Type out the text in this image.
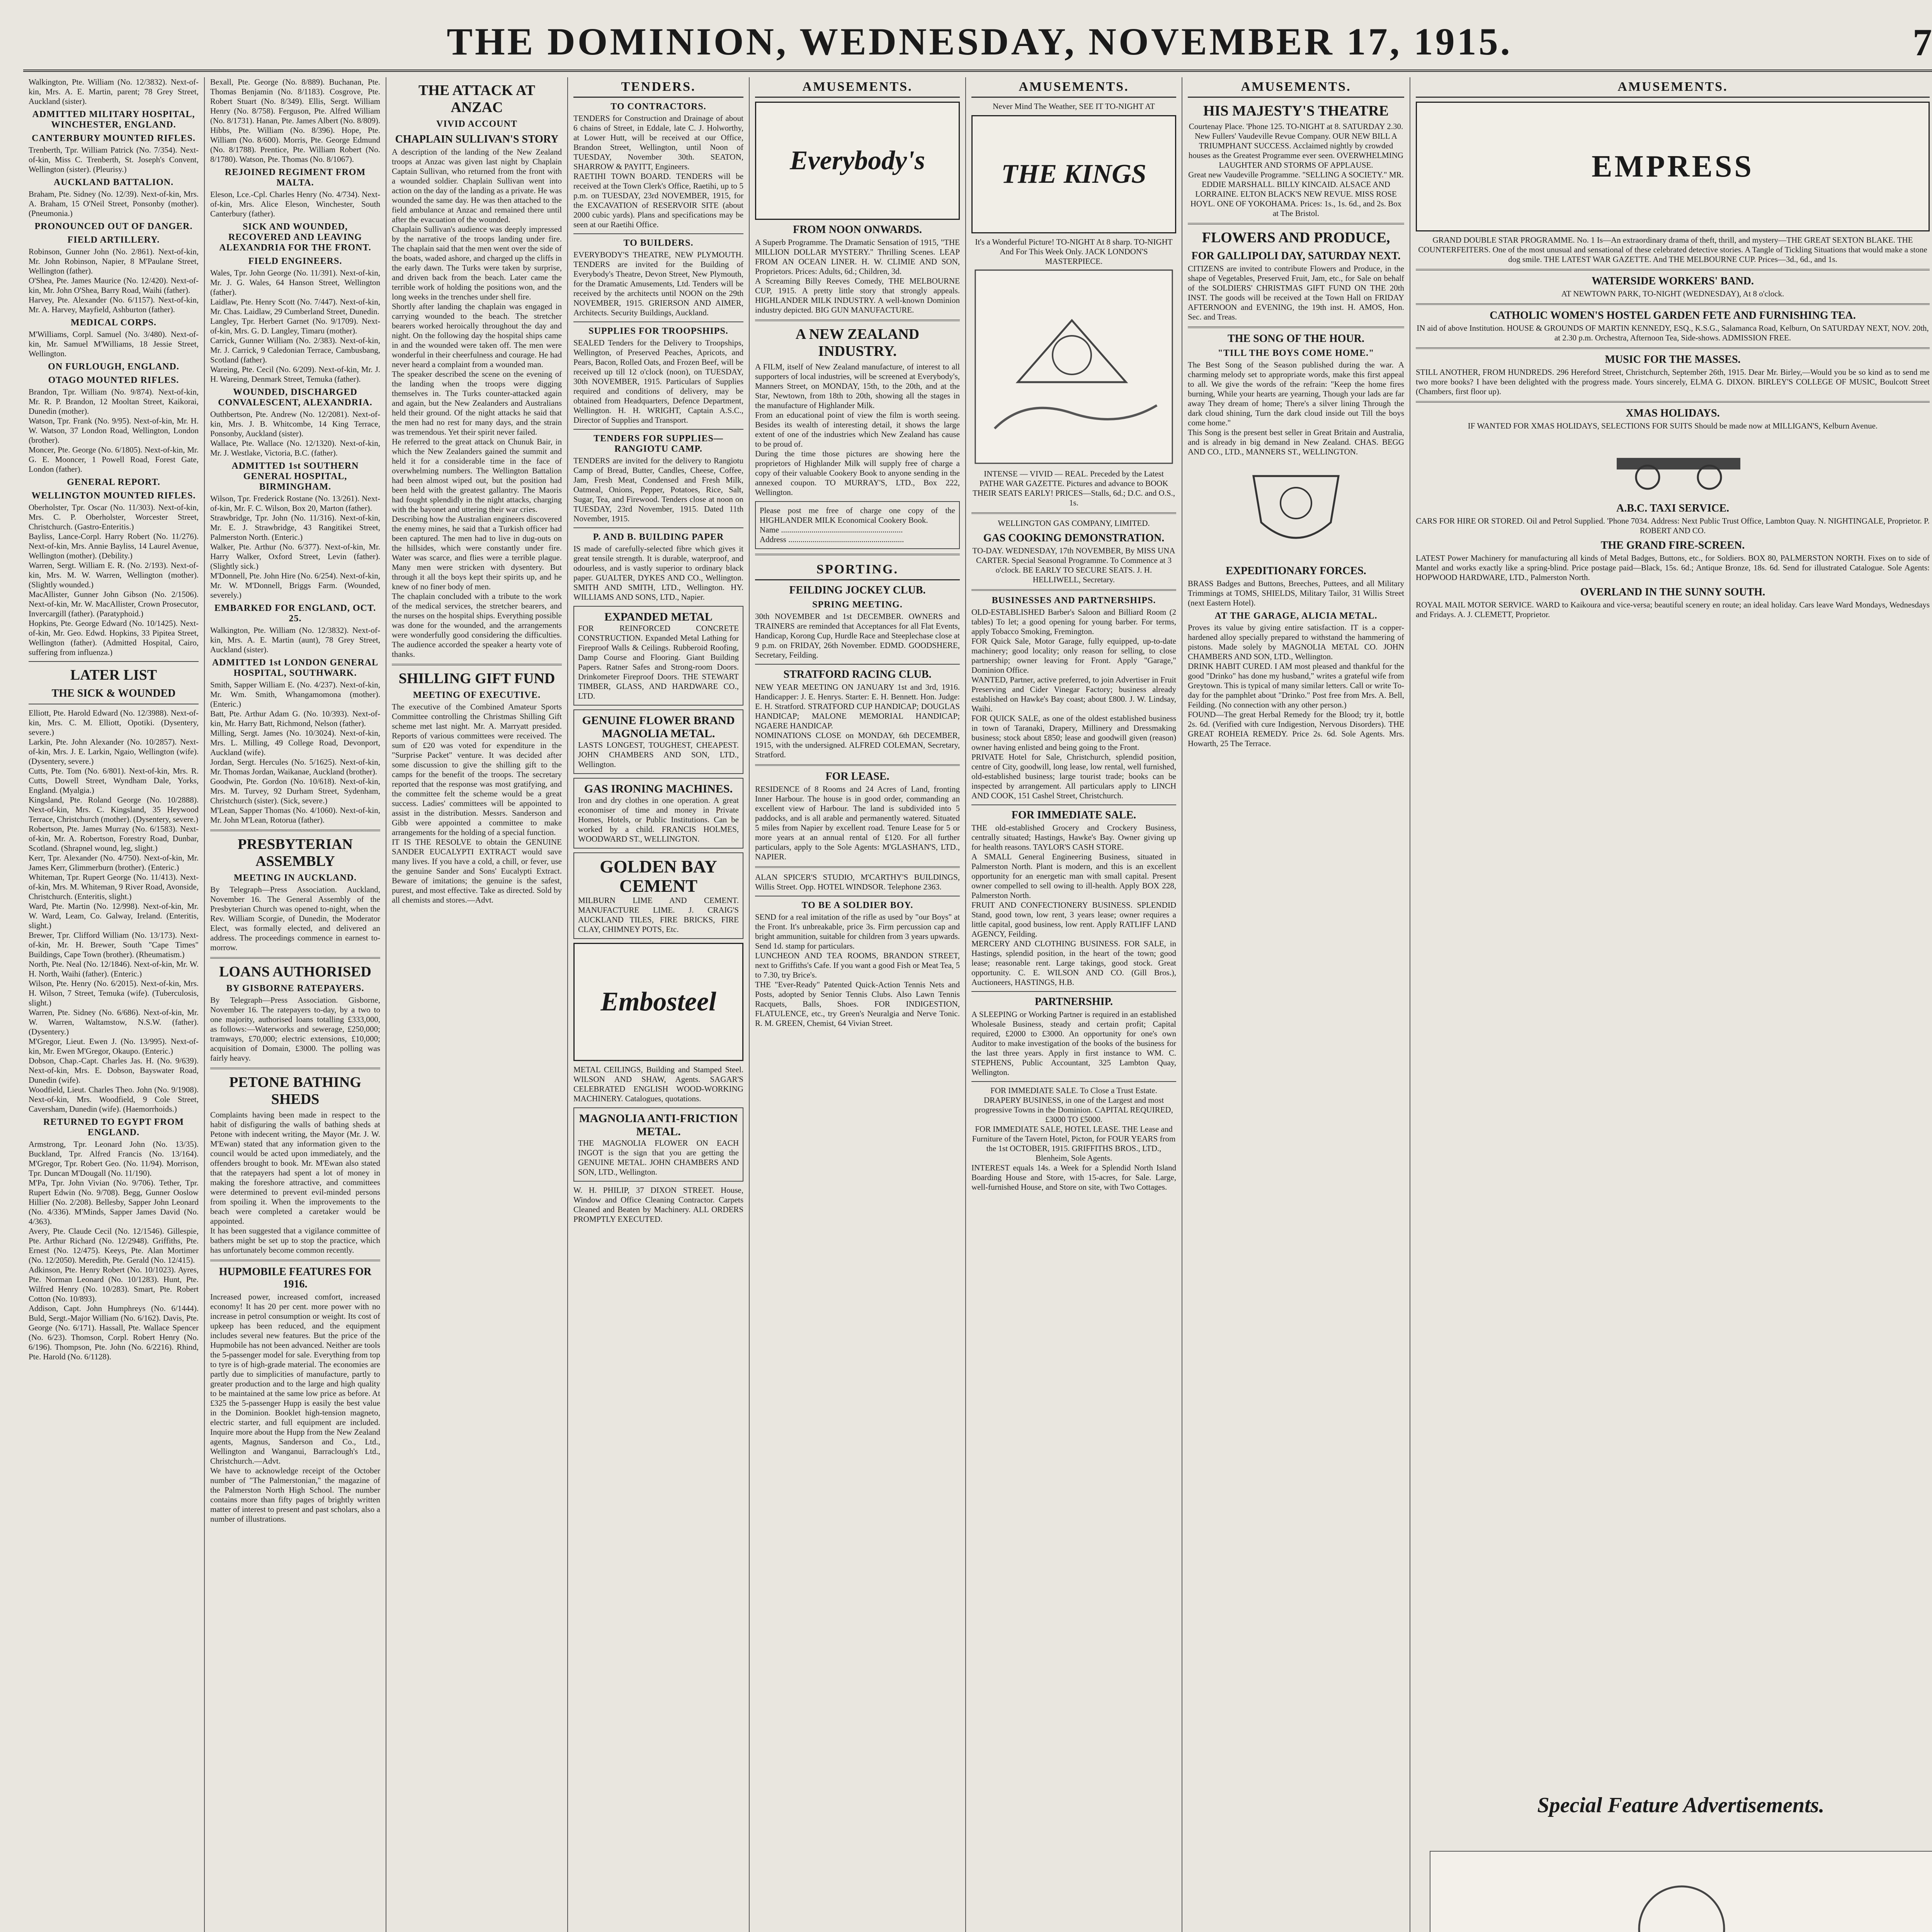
THE DOMINION, WEDNESDAY, NOVEMBER 17, 1915.	7

Walkington, Pte. William (No. 12/3832). Next-of-kin, Mrs. A. E. Martin, parent; 78 Grey Street, Auckland (sister).

ADMITTED MILITARY HOSPITAL, WINCHESTER, ENGLAND.
CANTERBURY MOUNTED RIFLES.

Trenberth, Tpr. William Patrick (No. 7/354). Next-of-kin, Miss C. Trenberth, St. Joseph's Convent, Wellington (sister). (Pleurisy.)

AUCKLAND BATTALION.

Braham, Pte. Sidney (No. 12/39). Next-of-kin, Mrs. A. Braham, 15 O'Neil Street, Ponsonby (mother). (Pneumonia.)

PRONOUNCED OUT OF DANGER.
FIELD ARTILLERY.

Robinson, Gunner John (No. 2/861). Next-of-kin, Mr. John Robinson, Napier, 8 M'Paulane Street, Wellington (father).

O'Shea, Pte. James Maurice (No. 12/420). Next-of-kin, Mr. John O'Shea, Barry Road, Waihi (father).

Harvey, Pte. Alexander (No. 6/1157). Next-of-kin, Mr. A. Harvey, Mayfield, Ashburton (father).

MEDICAL CORPS.

M'Williams, Corpl. Samuel (No. 3/480). Next-of-kin, Mr. Samuel M'Williams, 18 Jessie Street, Wellington.

ON FURLOUGH, ENGLAND.
OTAGO MOUNTED RIFLES.

Brandon, Tpr. William (No. 9/874). Next-of-kin, Mr. R. P. Brandon, 12 Mooltan Street, Kaikorai, Dunedin (mother).

Watson, Tpr. Frank (No. 9/95). Next-of-kin, Mr. H. W. Watson, 37 London Road, Wellington, London (brother).

Moncer, Pte. George (No. 6/1805). Next-of-kin, Mr. G. E. Mooncer, 1 Powell Road, Forest Gate, London (father).

GENERAL REPORT.
WELLINGTON MOUNTED RIFLES.

Oberholster, Tpr. Oscar (No. 11/303). Next-of-kin, Mrs. C. P. Oberholster, Worcester Street, Christchurch. (Gastro-Enteritis.)

Bayliss, Lance-Corpl. Harry Robert (No. 11/276). Next-of-kin, Mrs. Annie Bayliss, 14 Laurel Avenue, Wellington (mother). (Debility.)

Warren, Sergt. William E. R. (No. 2/193). Next-of-kin, Mrs. M. W. Warren, Wellington (mother). (Slightly wounded.)

MacAllister, Gunner John Gibson (No. 2/1506). Next-of-kin, Mr. W. MacAllister, Crown Prosecutor, Invercargill (father). (Paratyphoid.)

Hopkins, Pte. George Edward (No. 10/1425). Next-of-kin, Mr. Geo. Edwd. Hopkins, 33 Pipitea Street, Wellington (father). (Admitted Hospital, Cairo, suffering from influenza.)

LATER LIST
THE SICK & WOUNDED

Elliott, Pte. Harold Edward (No. 12/3988). Next-of-kin, Mrs. C. M. Elliott, Opotiki. (Dysentery, severe.)

Larkin, Pte. John Alexander (No. 10/2857). Next-of-kin, Mrs. J. E. Larkin, Ngaio, Wellington (wife). (Dysentery, severe.)

Cutts, Pte. Tom (No. 6/801). Next-of-kin, Mrs. R. Cutts, Dowell Street, Wyndham Dale, Yorks, England. (Myalgia.)

Kingsland, Pte. Roland George (No. 10/2888). Next-of-kin, Mrs. C. Kingsland, 35 Heywood Terrace, Christchurch (mother). (Dysentery, severe.)

Robertson, Pte. James Murray (No. 6/1583). Next-of-kin, Mr. A. Robertson, Forestry Road, Dunbar, Scotland. (Shrapnel wound, leg, slight.)

Kerr, Tpr. Alexander (No. 4/750). Next-of-kin, Mr. James Kerr, Glimmerburn (brother). (Enteric.)

Whiteman, Tpr. Rupert George (No. 11/413). Next-of-kin, Mrs. M. Whiteman, 9 River Road, Avonside, Christchurch. (Enteritis, slight.)

Ward, Pte. Martin (No. 12/998). Next-of-kin, Mr. W. Ward, Leam, Co. Galway, Ireland. (Enteritis, slight.)

Brewer, Tpr. Clifford William (No. 13/173). Next-of-kin, Mr. H. Brewer, South "Cape Times" Buildings, Cape Town (brother). (Rheumatism.)

North, Pte. Neal (No. 12/1846). Next-of-kin, Mr. W. H. North, Waihi (father). (Enteric.)

Wilson, Pte. Henry (No. 6/2015). Next-of-kin, Mrs. H. Wilson, 7 Street, Temuka (wife). (Tuberculosis, slight.)

Warren, Pte. Sidney (No. 6/686). Next-of-kin, Mr. W. Warren, Waltamstow, N.S.W. (father). (Dysentery.)

M'Gregor, Lieut. Ewen J. (No. 13/995). Next-of-kin, Mr. Ewen M'Gregor, Okaupo. (Enteric.)

Dobson, Chap.-Capt. Charles Jas. H. (No. 9/639). Next-of-kin, Mrs. E. Dobson, Bayswater Road, Dunedin (wife).

Woodfield, Lieut. Charles Theo. John (No. 9/1908). Next-of-kin, Mrs. Woodfield, 9 Cole Street, Caversham, Dunedin (wife). (Haemorrhoids.)

RETURNED TO EGYPT FROM ENGLAND.

Armstrong, Tpr. Leonard John (No. 13/35). Buckland, Tpr. Alfred Francis (No. 13/164). M'Gregor, Tpr. Robert Geo. (No. 11/94). Morrison, Tpr. Duncan M'Dougall (No. 11/190).

M'Pa, Tpr. John Vivian (No. 9/706). Tether, Tpr. Rupert Edwin (No. 9/708). Begg, Gunner Ooslow Hillier (No. 2/208). Bellesby, Sapper John Leonard (No. 4/336). M'Minds, Sapper James David (No. 4/363).

Avery, Pte. Claude Cecil (No. 12/1546). Gillespie, Pte. Arthur Richard (No. 12/2948). Griffiths, Pte. Ernest (No. 12/475). Keeys, Pte. Alan Mortimer (No. 12/2050). Meredith, Pte. Gerald (No. 12/415).

Adkinson, Pte. Henry Robert (No. 10/1023). Ayres, Pte. Norman Leonard (No. 10/1283). Hunt, Pte. Wilfred Henry (No. 10/283). Smart, Pte. Robert Cotton (No. 10/893).

Addison, Capt. John Humphreys (No. 6/1444). Buld, Sergt.-Major William (No. 6/162). Davis, Pte. George (No. 6/171). Hassall, Pte. Wallace Spencer (No. 6/23). Thomson, Corpl. Robert Henry (No. 6/196). Thompson, Pte. John (No. 6/2216). Rhind, Pte. Harold (No. 6/1128).

Bexall, Pte. George (No. 8/889). Buchanan, Pte. Thomas Benjamin (No. 8/1183). Cosgrove, Pte. Robert Stuart (No. 8/349). Ellis, Sergt. William Henry (No. 8/758). Ferguson, Pte. Alfred William (No. 8/1731). Hanan, Pte. James Albert (No. 8/809). Hibbs, Pte. William (No. 8/396). Hope, Pte. William (No. 8/600). Morris, Pte. George Edmund (No. 8/1788). Prentice, Pte. William Robert (No. 8/1780). Watson, Pte. Thomas (No. 8/1067).

REJOINED REGIMENT FROM MALTA.

Eleson, Lce.-Cpl. Charles Henry (No. 4/734). Next-of-kin, Mrs. Alice Eleson, Winchester, South Canterbury (father).

SICK AND WOUNDED, RECOVERED AND LEAVING ALEXANDRIA FOR THE FRONT.
FIELD ENGINEERS.

Wales, Tpr. John George (No. 11/391). Next-of-kin, Mr. J. G. Wales, 64 Hanson Street, Wellington (father).

Laidlaw, Pte. Henry Scott (No. 7/447). Next-of-kin, Mr. Chas. Laidlaw, 29 Cumberland Street, Dunedin.

Langley, Tpr. Herbert Garnet (No. 9/1709). Next-of-kin, Mrs. G. D. Langley, Timaru (mother).

Carrick, Gunner William (No. 2/383). Next-of-kin, Mr. J. Carrick, 9 Caledonian Terrace, Cambusbang, Scotland (father).

Wareing, Pte. Cecil (No. 6/209). Next-of-kin, Mr. J. H. Wareing, Denmark Street, Temuka (father).

WOUNDED, DISCHARGED CONVALESCENT, ALEXANDRIA.

Outhbertson, Pte. Andrew (No. 12/2081). Next-of-kin, Mrs. J. B. Whitcombe, 14 King Terrace, Ponsonby, Auckland (sister).

Wallace, Pte. Wallace (No. 12/1320). Next-of-kin, Mr. J. Westlake, Victoria, B.C. (father).

ADMITTED 1st SOUTHERN GENERAL HOSPITAL, BIRMINGHAM.

Wilson, Tpr. Frederick Rostane (No. 13/261). Next-of-kin, Mr. F. C. Wilson, Box 20, Marton (father).

Strawbridge, Tpr. John (No. 11/316). Next-of-kin, Mr. E. J. Strawbridge, 43 Rangitikei Street, Palmerston North. (Enteric.)

Walker, Pte. Arthur (No. 6/377). Next-of-kin, Mr. Harry Walker, Oxford Street, Levin (father). (Slightly sick.)

M'Donnell, Pte. John Hire (No. 6/254). Next-of-kin, Mr. W. M'Donnell, Briggs Farm. (Wounded, severely.)

EMBARKED FOR ENGLAND, OCT. 25.

Walkington, Pte. William (No. 12/3832). Next-of-kin, Mrs. A. E. Martin (aunt), 78 Grey Street, Auckland (sister).

ADMITTED 1st LONDON GENERAL HOSPITAL, SOUTHWARK.

Smith, Sapper William E. (No. 4/237). Next-of-kin, Mr. Wm. Smith, Whangamomona (mother). (Enteric.)

Batt, Pte. Arthur Adam G. (No. 10/393). Next-of-kin, Mr. Harry Batt, Richmond, Nelson (father).

Milling, Sergt. James (No. 10/3024). Next-of-kin, Mrs. L. Milling, 49 College Road, Devonport, Auckland (wife).

Jordan, Sergt. Hercules (No. 5/1625). Next-of-kin, Mr. Thomas Jordan, Waikanae, Auckland (brother).

Goodwin, Pte. Gordon (No. 10/618). Next-of-kin, Mrs. M. Turvey, 92 Durham Street, Sydenham, Christchurch (sister). (Sick, severe.)

M'Lean, Sapper Thomas (No. 4/1060). Next-of-kin, Mr. John M'Lean, Rotorua (father).

PRESBYTERIAN ASSEMBLY
MEETING IN AUCKLAND.

By Telegraph—Press Association. Auckland, November 16. The General Assembly of the Presbyterian Church was opened to-night, when the Rev. William Scorgie, of Dunedin, the Moderator Elect, was formally elected, and delivered an address. The proceedings commence in earnest to-morrow.

LOANS AUTHORISED
BY GISBORNE RATEPAYERS.

By Telegraph—Press Association. Gisborne, November 16. The ratepayers to-day, by a two to one majority, authorised loans totalling £333,000, as follows:—Waterworks and sewerage, £250,000; tramways, £70,000; electric extensions, £10,000; acquisition of Domain, £3000. The polling was fairly heavy.

PETONE BATHING SHEDS

Complaints having been made in respect to the habit of disfiguring the walls of bathing sheds at Petone with indecent writing, the Mayor (Mr. J. W. M'Ewan) stated that any information given to the council would be acted upon immediately, and the offenders brought to book. Mr. M'Ewan also stated that the ratepayers had spent a lot of money in making the foreshore attractive, and committees were determined to prevent evil-minded persons from spoiling it. When the improvements to the beach were completed a caretaker would be appointed.

It has been suggested that a vigilance committee of bathers might be set up to stop the practice, which has unfortunately become common recently.

HUPMOBILE FEATURES FOR 1916.

Increased power, increased comfort, increased economy! It has 20 per cent. more power with no increase in petrol consumption or weight. Its cost of upkeep has been reduced, and the equipment includes several new features. But the price of the Hupmobile has not been advanced. Neither are tools the 5-passenger model for sale. Everything from top to tyre is of high-grade material. The economies are partly due to simplicities of manufacture, partly to greater production and to the large and high quality to be maintained at the same low price as before. At £325 the 5-passenger Hupp is easily the best value in the Dominion. Booklet high-tension magneto, electric starter, and full equipment are included. Inquire more about the Hupp from the New Zealand agents, Magnus, Sanderson and Co., Ltd., Wellington and Wanganui, Barraclough's Ltd., Christchurch.—Advt.

We have to acknowledge receipt of the October number of "The Palmerstonian," the magazine of the Palmerston North High School. The number contains more than fifty pages of brightly written matter of interest to present and past scholars, also a number of illustrations.

THE ATTACK AT ANZAC
VIVID ACCOUNT
CHAPLAIN SULLIVAN'S STORY

A description of the landing of the New Zealand troops at Anzac was given last night by Chaplain Captain Sullivan, who returned from the front with a wounded soldier. Chaplain Sullivan went into action on the day of the landing as a private. He was wounded the same day. He was then attached to the field ambulance at Anzac and remained there until after the evacuation of the wounded.

Chaplain Sullivan's audience was deeply impressed by the narrative of the troops landing under fire. The chaplain said that the men went over the side of the boats, waded ashore, and charged up the cliffs in the early dawn. The Turks were taken by surprise, and driven back from the beach. Later came the terrible work of holding the positions won, and the long weeks in the trenches under shell fire.

Shortly after landing the chaplain was engaged in carrying wounded to the beach. The stretcher bearers worked heroically throughout the day and night. On the following day the hospital ships came in and the wounded were taken off. The men were wonderful in their cheerfulness and courage. He had never heard a complaint from a wounded man.

The speaker described the scene on the evening of the landing when the troops were digging themselves in. The Turks counter-attacked again and again, but the New Zealanders and Australians held their ground. Of the night attacks he said that the men had no rest for many days, and the strain was tremendous. Yet their spirit never failed.

He referred to the great attack on Chunuk Bair, in which the New Zealanders gained the summit and held it for a considerable time in the face of overwhelming numbers. The Wellington Battalion had been almost wiped out, but the position had been held with the greatest gallantry. The Maoris had fought splendidly in the night attacks, charging with the bayonet and uttering their war cries.

Describing how the Australian engineers discovered the enemy mines, he said that a Turkish officer had been captured. The men had to live in dug-outs on the hillsides, which were constantly under fire. Water was scarce, and flies were a terrible plague. Many men were stricken with dysentery. But through it all the boys kept their spirits up, and he knew of no finer body of men.

The chaplain concluded with a tribute to the work of the medical services, the stretcher bearers, and the nurses on the hospital ships. Everything possible was done for the wounded, and the arrangements were wonderfully good considering the difficulties. The audience accorded the speaker a hearty vote of thanks.

SHILLING GIFT FUND
MEETING OF EXECUTIVE.

The executive of the Combined Amateur Sports Committee controlling the Christmas Shilling Gift scheme met last night. Mr. A. Marryatt presided. Reports of various committees were received. The sum of £20 was voted for expenditure in the "Surprise Packet" venture. It was decided after some discussion to give the shilling gift to the camps for the benefit of the troops. The secretary reported that the response was most gratifying, and the committee felt the scheme would be a great success. Ladies' committees will be appointed to assist in the distribution. Messrs. Sanderson and Gibb were appointed a committee to make arrangements for the holding of a special function.

IT IS THE RESOLVE to obtain the GENUINE SANDER EUCALYPTI EXTRACT would save many lives. If you have a cold, a chill, or fever, use the genuine Sander and Sons' Eucalypti Extract. Beware of imitations; the genuine is the safest, purest, and most effective. Take as directed. Sold by all chemists and stores.—Advt.

TENDERS.
TO CONTRACTORS.

TENDERS for Construction and Drainage of about 6 chains of Street, in Eddale, late C. J. Holworthy, at Lower Hutt, will be received at our Office, Brandon Street, Wellington, until Noon of TUESDAY, November 30th. SEATON, SHARROW & PAYITT, Engineers.

RAETIHI TOWN BOARD. TENDERS will be received at the Town Clerk's Office, Raetihi, up to 5 p.m. on TUESDAY, 23rd NOVEMBER, 1915, for the EXCAVATION of RESERVOIR SITE (about 2000 cubic yards). Plans and specifications may be seen at our Raetihi Office.

TO BUILDERS.

EVERYBODY'S THEATRE, NEW PLYMOUTH. TENDERS are invited for the Building of Everybody's Theatre, Devon Street, New Plymouth, for the Dramatic Amusements, Ltd. Tenders will be received by the architects until NOON on the 29th NOVEMBER, 1915. GRIERSON AND AIMER, Architects. Security Buildings, Auckland.

SUPPLIES FOR TROOPSHIPS.

SEALED Tenders for the Delivery to Troopships, Wellington, of Preserved Peaches, Apricots, and Pears, Bacon, Rolled Oats, and Frozen Beef, will be received up till 12 o'clock (noon), on TUESDAY, 30th NOVEMBER, 1915. Particulars of Supplies required and conditions of delivery, may be obtained from Headquarters, Defence Department, Wellington. H. H. WRIGHT, Captain A.S.C., Director of Supplies and Transport.

TENDERS FOR SUPPLIES—RANGIOTU CAMP.

TENDERS are invited for the delivery to Rangiotu Camp of Bread, Butter, Candles, Cheese, Coffee, Jam, Fresh Meat, Condensed and Fresh Milk, Oatmeal, Onions, Pepper, Potatoes, Rice, Salt, Sugar, Tea, and Firewood. Tenders close at noon on TUESDAY, 23rd November, 1915. Dated 11th November, 1915.

P. AND B. BUILDING PAPER

IS made of carefully-selected fibre which gives it great tensile strength. It is durable, waterproof, and odourless, and is vastly superior to ordinary black paper. GUALTER, DYKES AND CO., Wellington. SMITH AND SMITH, LTD., Wellington. HY. WILLIAMS AND SONS, LTD., Napier.

EXPANDED METAL

FOR REINFORCED CONCRETE CONSTRUCTION. Expanded Metal Lathing for Fireproof Walls & Ceilings. Rubberoid Roofing, Damp Course and Flooring. Giant Building Papers. Ratner Safes and Strong-room Doors. Drinkometer Fireproof Doors. THE STEWART TIMBER, GLASS, AND HARDWARE CO., LTD.

GENUINE FLOWER BRAND MAGNOLIA METAL.

LASTS LONGEST, TOUGHEST, CHEAPEST. JOHN CHAMBERS AND SON, LTD., Wellington.

GAS IRONING MACHINES.

Iron and dry clothes in one operation. A great economiser of time and money in Private Homes, Hotels, or Public Institutions. Can be worked by a child. FRANCIS HOLMES, WOODWARD ST., WELLINGTON.

GOLDEN BAY CEMENT

MILBURN LIME AND CEMENT. MANUFACTURE LIME. J. CRAIG'S AUCKLAND TILES, FIRE BRICKS, FIRE CLAY, CHIMNEY POTS, Etc.

Embosteel

METAL CEILINGS, Building and Stamped Steel. WILSON AND SHAW, Agents. SAGAR'S CELEBRATED ENGLISH WOOD-WORKING MACHINERY. Catalogues, quotations.

MAGNOLIA ANTI-FRICTION METAL.

THE MAGNOLIA FLOWER ON EACH INGOT is the sign that you are getting the GENUINE METAL. JOHN CHAMBERS AND SON, LTD., Wellington.

W. H. PHILIP, 37 DIXON STREET. House, Window and Office Cleaning Contractor. Carpets Cleaned and Beaten by Machinery. ALL ORDERS PROMPTLY EXECUTED.

AMUSEMENTS.
Everybody's
FROM NOON ONWARDS.

A Superb Programme. The Dramatic Sensation of 1915, "THE MILLION DOLLAR MYSTERY." Thrilling Scenes. LEAP FROM AN OCEAN LINER. H. W. CLIMIE AND SON, Proprietors. Prices: Adults, 6d.; Children, 3d.

A Screaming Billy Reeves Comedy, THE MELBOURNE CUP, 1915. A pretty little story that strongly appeals. HIGHLANDER MILK INDUSTRY. A well-known Dominion industry depicted. BIG GUN MANUFACTURE.

A NEW ZEALAND INDUSTRY.

A FILM, itself of New Zealand manufacture, of interest to all supporters of local industries, will be screened at Everybody's, Manners Street, on MONDAY, 15th, to the 20th, and at the Star, Newtown, from 18th to 20th, showing all the stages in the manufacture of Highlander Milk.

From an educational point of view the film is worth seeing. Besides its wealth of interesting detail, it shows the large extent of one of the industries which New Zealand has cause to be proud of.

During the time those pictures are showing here the proprietors of Highlander Milk will supply free of charge a copy of their valuable Cookery Book to anyone sending in the annexed coupon. TO MURRAY'S, LTD., Box 222, Wellington.

Please post me free of charge one copy of the HIGHLANDER MILK Economical Cookery Book.

Name ............................................................

Address .........................................................

SPORTING.
FEILDING JOCKEY CLUB.
SPRING MEETING.

30th NOVEMBER and 1st DECEMBER. OWNERS and TRAINERS are reminded that Acceptances for all Flat Events, Handicap, Korong Cup, Hurdle Race and Steeplechase close at 9 p.m. on FRIDAY, 26th November. EDMD. GOODSHERE, Secretary, Feilding.

STRATFORD RACING CLUB.

NEW YEAR MEETING ON JANUARY 1st and 3rd, 1916. Handicapper: J. E. Henrys. Starter: E. H. Bennett. Hon. Judge: E. H. Stratford. STRATFORD CUP HANDICAP; DOUGLAS HANDICAP; MALONE MEMORIAL HANDICAP; NGAERE HANDICAP.

NOMINATIONS CLOSE on MONDAY, 6th DECEMBER, 1915, with the undersigned. ALFRED COLEMAN, Secretary, Stratford.

FOR LEASE.

RESIDENCE of 8 Rooms and 24 Acres of Land, fronting Inner Harbour. The house is in good order, commanding an excellent view of Harbour. The land is subdivided into 5 paddocks, and is all arable and permanently watered. Situated 5 miles from Napier by excellent road. Tenure Lease for 5 or more years at an annual rental of £120. For all further particulars, apply to the Sole Agents: M'GLASHAN'S, LTD., NAPIER.

ALAN SPICER'S STUDIO, M'CARTHY'S BUILDINGS, Willis Street. Opp. HOTEL WINDSOR. Telephone 2363.

TO BE A SOLDIER BOY.

SEND for a real imitation of the rifle as used by "our Boys" at the Front. It's unbreakable, price 3s. Firm percussion cap and bright ammunition, suitable for children from 3 years upwards. Send 1d. stamp for particulars.

LUNCHEON AND TEA ROOMS, BRANDON STREET, next to Griffiths's Cafe. If you want a good Fish or Meat Tea, 5 to 7.30, try Brice's.

THE "Ever-Ready" Patented Quick-Action Tennis Nets and Posts, adopted by Senior Tennis Clubs. Also Lawn Tennis Racquets, Balls, Shoes. FOR INDIGESTION, FLATULENCE, etc., try Green's Neuralgia and Nerve Tonic. R. M. GREEN, Chemist, 64 Vivian Street.

AMUSEMENTS.

Never Mind The Weather, SEE IT TO-NIGHT AT

THE KINGS

It's a Wonderful Picture! TO-NIGHT At 8 sharp. TO-NIGHT And For This Week Only. JACK LONDON'S MASTERPIECE.

INTENSE — VIVID — REAL. Preceded by the Latest PATHE WAR GAZETTE. Pictures and advance to BOOK THEIR SEATS EARLY! PRICES—Stalls, 6d.; D.C. and O.S., 1s.

WELLINGTON GAS COMPANY, LIMITED.

GAS COOKING DEMONSTRATION.

TO-DAY. WEDNESDAY, 17th NOVEMBER, By MISS UNA CARTER. Special Seasonal Programme. To Commence at 3 o'clock. BE EARLY TO SECURE SEATS. J. H. HELLIWELL, Secretary.

BUSINESSES AND PARTNERSHIPS.

OLD-ESTABLISHED Barber's Saloon and Billiard Room (2 tables) To let; a good opening for young barber. For terms, apply Tobacco Smoking, Fremington.

FOR Quick Sale, Motor Garage, fully equipped, up-to-date machinery; good locality; only reason for selling, to close partnership; owner leaving for Front. Apply "Garage," Dominion Office.

WANTED, Partner, active preferred, to join Advertiser in Fruit Preserving and Cider Vinegar Factory; business already established on Hawke's Bay coast; about £800. J. W. Lindsay, Waihi.

FOR QUICK SALE, as one of the oldest established business in town of Taranaki, Drapery, Millinery and Dressmaking business; stock about £850; lease and goodwill given (reason) owner having enlisted and being going to the Front.

PRIVATE Hotel for Sale, Christchurch, splendid position, centre of City, goodwill, long lease, low rental, well furnished, old-established business; large tourist trade; books can be inspected by arrangement. All particulars apply to LINCH AND COOK, 151 Cashel Street, Christchurch.

FOR IMMEDIATE SALE.

THE old-established Grocery and Crockery Business, centrally situated; Hastings, Hawke's Bay. Owner giving up for health reasons. TAYLOR'S CASH STORE.

A SMALL General Engineering Business, situated in Palmerston North. Plant is modern, and this is an excellent opportunity for an energetic man with small capital. Present owner compelled to sell owing to ill-health. Apply BOX 228, Palmerston North.

FRUIT AND CONFECTIONERY BUSINESS. SPLENDID Stand, good town, low rent, 3 years lease; owner requires a little capital, good business, low rent. Apply RATLIFF LAND AGENCY, Feilding.

MERCERY AND CLOTHING BUSINESS. FOR SALE, in Hastings, splendid position, in the heart of the town; good lease; reasonable rent. Large takings, good stock. Great opportunity. C. E. WILSON AND CO. (Gill Bros.), Auctioneers, HASTINGS, H.B.

PARTNERSHIP.

A SLEEPING or Working Partner is required in an established Wholesale Business, steady and certain profit; Capital required, £2000 to £3000. An opportunity for one's own Auditor to make investigation of the books of the business for the last three years. Apply in first instance to WM. C. STEPHENS, Public Accountant, 325 Lambton Quay, Wellington.

FOR IMMEDIATE SALE. To Close a Trust Estate. DRAPERY BUSINESS, in one of the Largest and most progressive Towns in the Dominion. CAPITAL REQUIRED, £3000 TO £5000.

FOR IMMEDIATE SALE, HOTEL LEASE. THE Lease and Furniture of the Tavern Hotel, Picton, for FOUR YEARS from the 1st OCTOBER, 1915. GRIFFITHS BROS., LTD., Blenheim, Sole Agents.

INTEREST equals 14s. a Week for a Splendid North Island Boarding House and Store, with 15-acres, for Sale. Large, well-furnished House, and Store on site, with Two Cottages.

AMUSEMENTS.
HIS MAJESTY'S THEATRE

Courtenay Place. 'Phone 125. TO-NIGHT at 8. SATURDAY 2.30. New Fullers' Vaudeville Revue Company. OUR NEW BILL A TRIUMPHANT SUCCESS. Acclaimed nightly by crowded houses as the Greatest Programme ever seen. OVERWHELMING LAUGHTER AND STORMS OF APPLAUSE.

Great new Vaudeville Programme. "SELLING A SOCIETY." MR. EDDIE MARSHALL. BILLY KINCAID. ALSACE AND LORRAINE. ELTON BLACK'S NEW REVUE. MISS ROSE HOYL. ONE OF YOKOHAMA. Prices: 1s., 1s. 6d., and 2s. Box at The Bristol.

FLOWERS AND PRODUCE,
FOR GALLIPOLI DAY, SATURDAY NEXT.

CITIZENS are invited to contribute Flowers and Produce, in the shape of Vegetables, Preserved Fruit, Jam, etc., for Sale on behalf of the SOLDIERS' CHRISTMAS GIFT FUND ON THE 20th INST. The goods will be received at the Town Hall on FRIDAY AFTERNOON and EVENING, the 19th inst. H. AMOS, Hon. Sec. and Treas.

THE SONG OF THE HOUR.
"TILL THE BOYS COME HOME."

The Best Song of the Season published during the war. A charming melody set to appropriate words, make this first appeal to all. We give the words of the refrain: "Keep the home fires burning, While your hearts are yearning, Though your lads are far away They dream of home; There's a silver lining Through the dark cloud shining, Turn the dark cloud inside out Till the boys come home."

This Song is the present best seller in Great Britain and Australia, and is already in big demand in New Zealand. CHAS. BEGG AND CO., LTD., MANNERS ST., WELLINGTON.

EXPEDITIONARY FORCES.

BRASS Badges and Buttons, Breeches, Puttees, and all Military Trimmings at TOMS, SHIELDS, Military Tailor, 31 Willis Street (next Eastern Hotel).

AT THE GARAGE, ALICIA METAL.

Proves its value by giving entire satisfaction. IT is a copper-hardened alloy specially prepared to withstand the hammering of pistons. Made solely by MAGNOLIA METAL CO. JOHN CHAMBERS AND SON, LTD., Wellington.

DRINK HABIT CURED. I AM most pleased and thankful for the good "Drinko" has done my husband," writes a grateful wife from Greytown. This is typical of many similar letters. Call or write To-day for the pamphlet about "Drinko." Post free from Mrs. A. Bell, Feilding. (No connection with any other person.)

FOUND—The great Herbal Remedy for the Blood; try it, bottle 2s. 6d. (Verified with cure Indigestion, Nervous Disorders). THE GREAT ROHEIA REMEDY. Price 2s. 6d. Sole Agents. Mrs. Howarth, 25 The Terrace.

AMUSEMENTS.
EMPRESS

GRAND DOUBLE STAR PROGRAMME. No. 1 Is—An extraordinary drama of theft, thrill, and mystery—THE GREAT SEXTON BLAKE. THE COUNTERFEITERS. One of the most unusual and sensational of these celebrated detective stories. A Tangle of Tickling Situations that would make a stone dog smile. THE LATEST WAR GAZETTE. And THE MELBOURNE CUP. Prices—3d., 6d., and 1s.

WATERSIDE WORKERS' BAND.

AT NEWTOWN PARK, TO-NIGHT (WEDNESDAY), At 8 o'clock.

CATHOLIC WOMEN'S HOSTEL GARDEN FETE AND FURNISHING TEA.

IN aid of above Institution. HOUSE & GROUNDS OF MARTIN KENNEDY, ESQ., K.S.G., Salamanca Road, Kelburn, On SATURDAY NEXT, NOV. 20th, at 2.30 p.m. Orchestra, Afternoon Tea, Side-shows. ADMISSION FREE.

MUSIC FOR THE MASSES.

STILL ANOTHER, FROM HUNDREDS. 296 Hereford Street, Christchurch, September 26th, 1915. Dear Mr. Birley,—Would you be so kind as to send me two more books? I have been delighted with the progress made. Yours sincerely, ELMA G. DIXON. BIRLEY'S COLLEGE OF MUSIC, Boulcott Street (Chambers, first floor up).

XMAS HOLIDAYS.

IF WANTED FOR XMAS HOLIDAYS, SELECTIONS FOR SUITS Should be made now at MILLIGAN'S, Kelburn Avenue.

A.B.C. TAXI SERVICE.

CARS FOR HIRE OR STORED. Oil and Petrol Supplied. 'Phone 7034. Address: Next Public Trust Office, Lambton Quay. N. NIGHTINGALE, Proprietor. P. ROBERT AND CO.

THE GRAND FIRE-SCREEN.

LATEST Power Machinery for manufacturing all kinds of Metal Badges, Buttons, etc., for Soldiers. BOX 80, PALMERSTON NORTH. Fixes on to side of Mantel and works exactly like a spring-blind. Price postage paid—Black, 15s. 6d.; Antique Bronze, 18s. 6d. Send for illustrated Catalogue. Sole Agents: HOPWOOD HARDWARE, LTD., Palmerston North.

OVERLAND IN THE SUNNY SOUTH.

ROYAL MAIL MOTOR SERVICE. WARD to Kaikoura and vice-versa; beautiful scenery en route; an ideal holiday. Cars leave Ward Mondays, Wednesdays and Fridays. A. J. CLEMETT, Proprietor.

Special Feature Advertisements.
